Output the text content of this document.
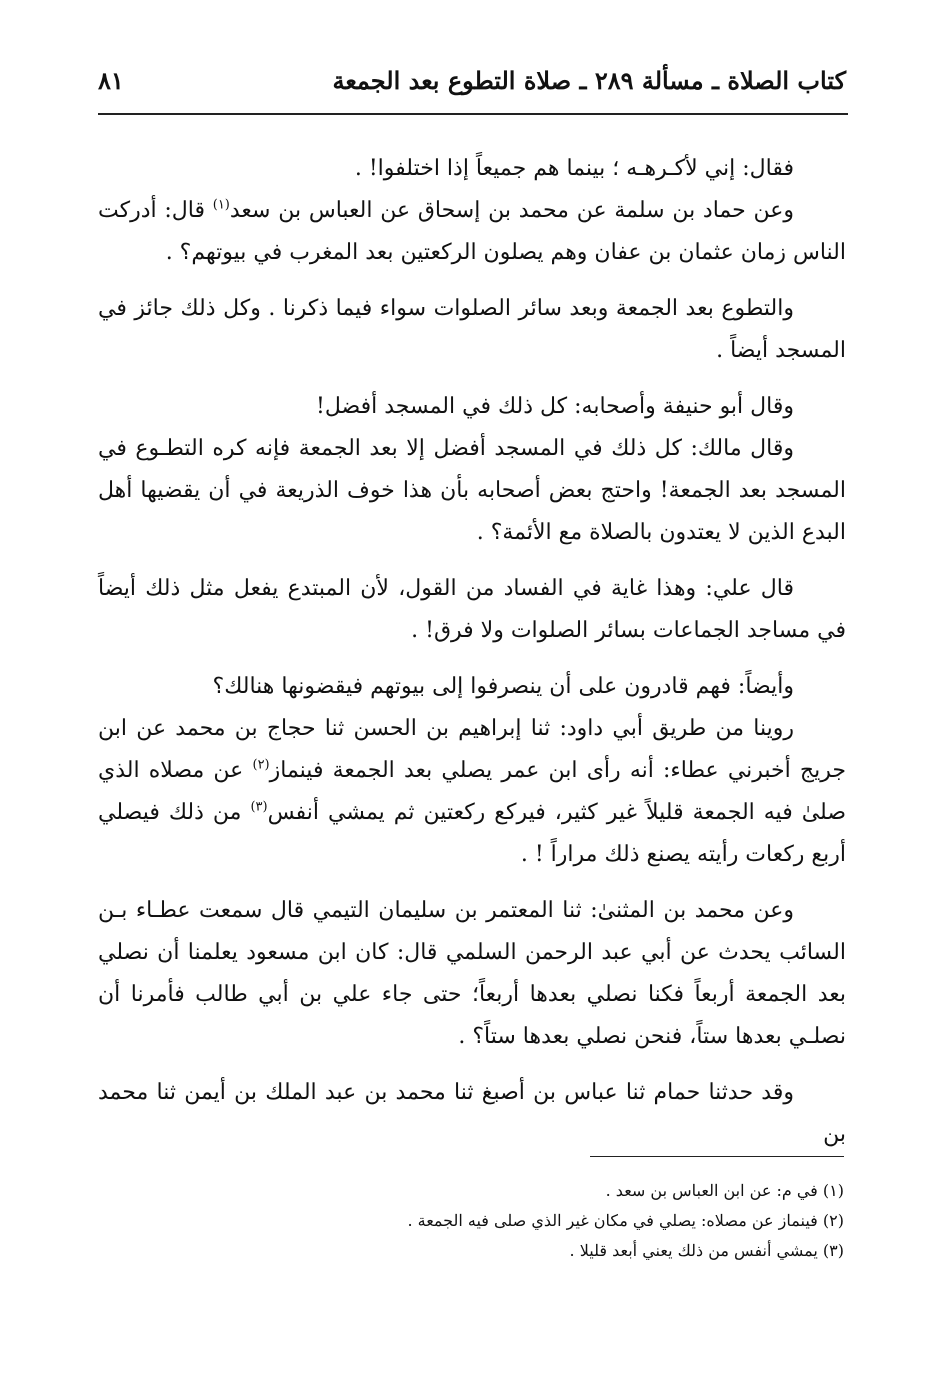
كتاب الصلاة ـ مسألة ٢٨٩ ـ صلاة التطوع بعد الجمعة
٨١

فقال: إني لأكـرهـه ؛ بينما هم جميعاً إذا اختلفوا! .

وعن حماد بن سلمة عن محمد بن إسحاق عن العباس بن سعد$^{(١)}$ قال: أدركت الناس زمان عثمان بن عفان وهم يصلون الركعتين بعد المغرب في بيوتهم؟ .

والتطوع بعد الجمعة وبعد سائر الصلوات سواء فيما ذكرنا . وكل ذلك جائز في المسجد أيضاً .

وقال أبو حنيفة وأصحابه: كل ذلك في المسجد أفضل!

وقال مالك: كل ذلك في المسجد أفضل إلا بعد الجمعة فإنه كره التطـوع في المسجد بعد الجمعة! واحتج بعض أصحابه بأن هذا خوف الذريعة في أن يقضيها أهل البدع الذين لا يعتدون بالصلاة مع الأئمة؟ .

قال علي: وهذا غاية في الفساد من القول، لأن المبتدع يفعل مثل ذلك أيضاً في مساجد الجماعات بسائر الصلوات ولا فرق! .

وأيضاً: فهم قادرون على أن ينصرفوا إلى بيوتهم فيقضونها هنالك؟

روينا من طريق أبي داود: ثنا إبراهيم بن الحسن ثنا حجاج بن محمد عن ابن جريج أخبرني عطاء: أنه رأى ابن عمر يصلي بعد الجمعة فينماز$^{(٢)}$ عن مصلاه الذي صلىٰ فيه الجمعة قليلاً غير كثير، فيركع ركعتين ثم يمشي أنفس$^{(٣)}$ من ذلك فيصلي أربع ركعات رأيته يصنع ذلك مراراً ! .

وعن محمد بن المثنىٰ: ثنا المعتمر بن سليمان التيمي قال سمعت عطـاء بـن السائب يحدث عن أبي عبد الرحمن السلمي قال: كان ابن مسعود يعلمنا أن نصلي بعد الجمعة أربعاً فكنا نصلي بعدها أربعاً؛ حتى جاء علي بن أبي طالب فأمرنا أن نصلـي بعدها ستاً، فنحن نصلي بعدها ستاً؟ .

وقد حدثنا حمام ثنا عباس بن أصبغ ثنا محمد بن عبد الملك بن أيمن ثنا محمد بن

(١) في م: عن ابن العباس بن سعد .
(٢) فينماز عن مصلاه: يصلي في مكان غير الذي صلى فيه الجمعة .
(٣) يمشي أنفس من ذلك يعني أبعد قليلا .
